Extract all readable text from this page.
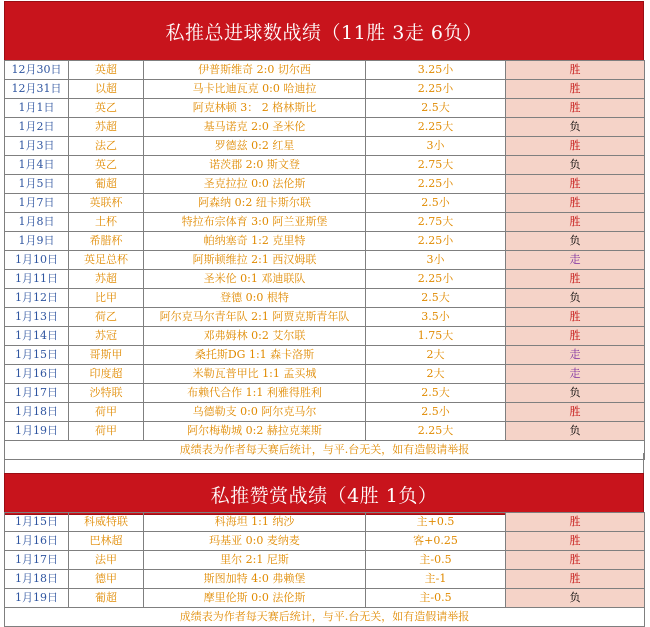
私推总进球数战绩（11胜 3走 6负）
12月30日	英超	伊普斯维奇 2:0 切尔西	3.25小	胜
12月31日	以超	马卡比迪瓦克 0:0 哈迪拉	2.25小	胜
1月1日	英乙	阿克林顿 3： 2 格林斯比	2.5大	胜
1月2日	苏超	基马诺克 2:0 圣米伦	2.25大	负
1月3日	法乙	罗德兹 0:2 红星	3小	胜
1月4日	英乙	诺茨郡 2:0 斯文登	2.75大	负
1月5日	葡超	圣克拉拉 0:0 法伦斯	2.25小	胜
1月7日	英联杯	阿森纳 0:2 纽卡斯尔联	2.5小	胜
1月8日	土杯	特拉布宗体育 3:0 阿兰亚斯堡	2.75大	胜
1月9日	希腊杯	帕纳塞奇 1:2 克里特	2.25小	负
1月10日	英足总杯	阿斯顿维拉 2:1 西汉姆联	3小	走
1月11日	苏超	圣米伦 0:1 邓迪联队	2.25小	胜
1月12日	比甲	登德 0:0 根特	2.5大	负
1月13日	荷乙	阿尔克马尔青年队 2:1 阿贾克斯青年队	3.5小	胜
1月14日	苏冠	邓弗姆林 0:2 艾尔联	1.75大	胜
1月15日	哥斯甲	桑托斯DG 1:1 森卡洛斯	2大	走
1月16日	印度超	米勒瓦普甲比 1:1 孟买城	2大	走
1月17日	沙特联	布赖代合作 1:1 利雅得胜利	2.5大	负
1月18日	荷甲	乌德勒支 0:0 阿尔克马尔	2.5小	胜
1月19日	荷甲	阿尔梅勒城 0:2 赫拉克莱斯	2.25大	负
成绩表为作者每天赛后统计，与平.台无关，如有造假请举报				
私推赞赏战绩（4胜 1负）
1月15日	科威特联	科海坦 1:1 纳沙	主+0.5	胜
1月16日	巴林超	玛基亚 0:0 麦纳麦	客+0.25	胜
1月17日	法甲	里尔 2:1 尼斯	主-0.5	胜
1月18日	德甲	斯图加特 4:0 弗赖堡	主-1	胜
1月19日	葡超	摩里伦斯 0:0 法伦斯	主-0.5	负
成绩表为作者每天赛后统计，与平.台无关，如有造假请举报				
